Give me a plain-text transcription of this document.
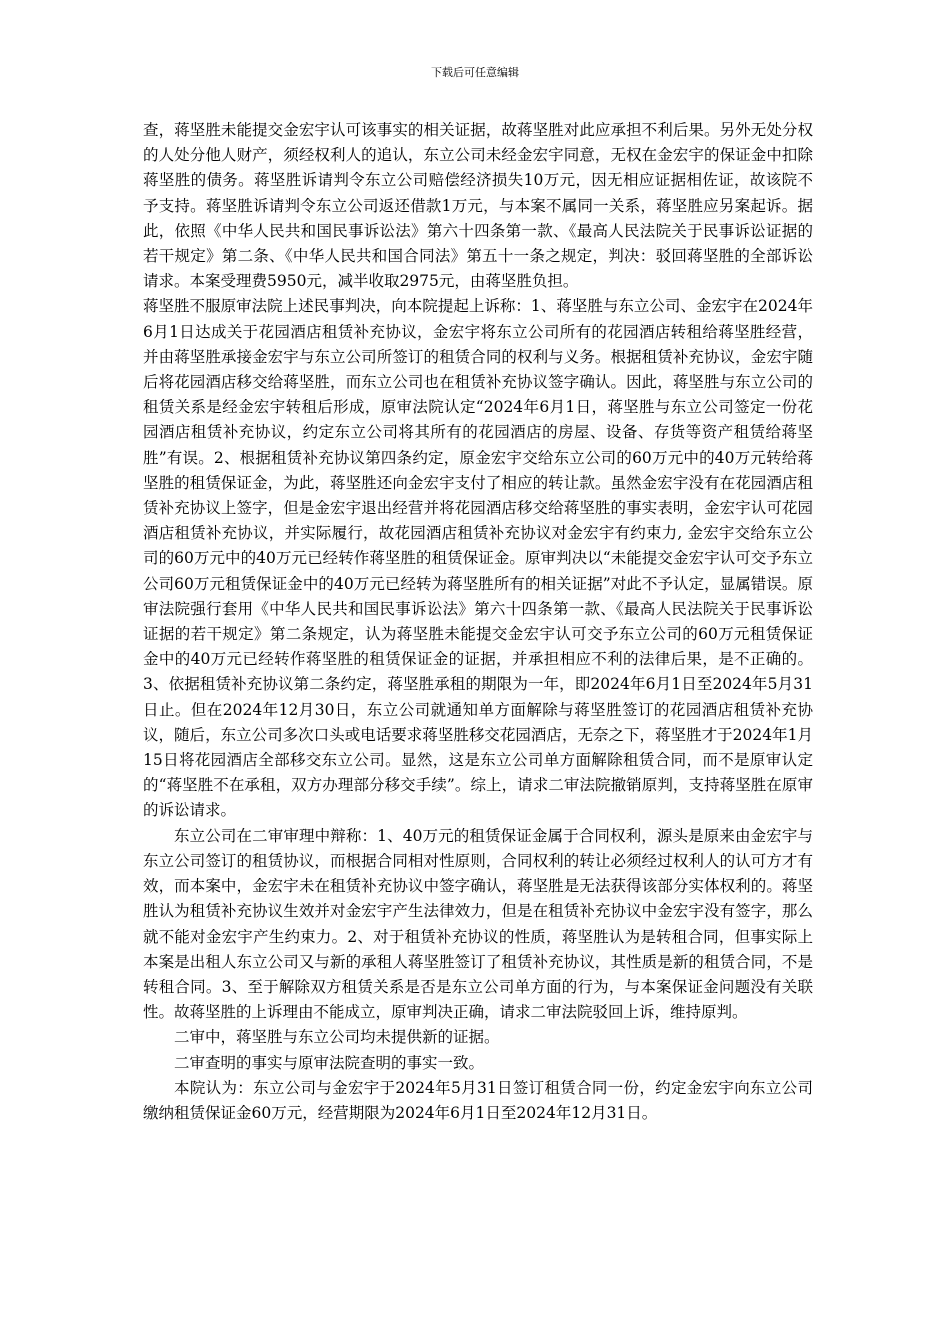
下载后可任意编辑

查，蒋坚胜未能提交金宏宇认可该事实的相关证据，故蒋坚胜对此应承担不利后果。另外无处分权的人处分他人财产，须经权利人的追认，东立公司未经金宏宇同意，无权在金宏宇的保证金中扣除蒋坚胜的债务。蒋坚胜诉请判令东立公司赔偿经济损失10万元，因无相应证据相佐证，故该院不予支持。蒋坚胜诉请判令东立公司返还借款1万元，与本案不属同一关系，蒋坚胜应另案起诉。据此，依照《中华人民共和国民事诉讼法》第六十四条第一款、《最高人民法院关于民事诉讼证据的若干规定》第二条、《中华人民共和国合同法》第五十一条之规定，判决：驳回蒋坚胜的全部诉讼请求。本案受理费5950元，减半收取2975元，由蒋坚胜负担。

蒋坚胜不服原审法院上述民事判决，向本院提起上诉称：1、蒋坚胜与东立公司、金宏宇在2024年6月1日达成关于花园酒店租赁补充协议，金宏宇将东立公司所有的花园酒店转租给蒋坚胜经营，并由蒋坚胜承接金宏宇与东立公司所签订的租赁合同的权利与义务。根据租赁补充协议，金宏宇随后将花园酒店移交给蒋坚胜，而东立公司也在租赁补充协议签字确认。因此，蒋坚胜与东立公司的租赁关系是经金宏宇转租后形成，原审法院认定“2024年6月1日，蒋坚胜与东立公司签定一份花园酒店租赁补充协议，约定东立公司将其所有的花园酒店的房屋、设备、存货等资产租赁给蒋坚胜”有误。2、根据租赁补充协议第四条约定，原金宏宇交给东立公司的60万元中的40万元转给蒋坚胜的租赁保证金，为此，蒋坚胜还向金宏宇支付了相应的转让款。虽然金宏宇没有在花园酒店租赁补充协议上签字，但是金宏宇退出经营并将花园酒店移交给蒋坚胜的事实表明，金宏宇认可花园酒店租赁补充协议，并实际履行，故花园酒店租赁补充协议对金宏宇有约束力, 金宏宇交给东立公司的60万元中的40万元已经转作蒋坚胜的租赁保证金。原审判决以“未能提交金宏宇认可交予东立公司60万元租赁保证金中的40万元已经转为蒋坚胜所有的相关证据”对此不予认定，显属错误。原审法院强行套用《中华人民共和国民事诉讼法》第六十四条第一款、《最高人民法院关于民事诉讼证据的若干规定》第二条规定，认为蒋坚胜未能提交金宏宇认可交予东立公司的60万元租赁保证金中的40万元已经转作蒋坚胜的租赁保证金的证据，并承担相应不利的法律后果，是不正确的。3、依据租赁补充协议第二条约定，蒋坚胜承租的期限为一年，即2024年6月1日至2024年5月31日止。但在2024年12月30日，东立公司就通知单方面解除与蒋坚胜签订的花园酒店租赁补充协议，随后，东立公司多次口头或电话要求蒋坚胜移交花园酒店，无奈之下，蒋坚胜才于2024年1月15日将花园酒店全部移交东立公司。显然，这是东立公司单方面解除租赁合同，而不是原审认定的“蒋坚胜不在承租，双方办理部分移交手续”。综上，请求二审法院撤销原判，支持蒋坚胜在原审的诉讼请求。

东立公司在二审审理中辩称：1、40万元的租赁保证金属于合同权利，源头是原来由金宏宇与东立公司签订的租赁协议，而根据合同相对性原则，合同权利的转让必须经过权利人的认可方才有效，而本案中，金宏宇未在租赁补充协议中签字确认，蒋坚胜是无法获得该部分实体权利的。蒋坚胜认为租赁补充协议生效并对金宏宇产生法律效力，但是在租赁补充协议中金宏宇没有签字，那么就不能对金宏宇产生约束力。2、对于租赁补充协议的性质，蒋坚胜认为是转租合同，但事实际上本案是出租人东立公司又与新的承租人蒋坚胜签订了租赁补充协议，其性质是新的租赁合同，不是转租合同。3、至于解除双方租赁关系是否是东立公司单方面的行为，与本案保证金问题没有关联性。故蒋坚胜的上诉理由不能成立，原审判决正确，请求二审法院驳回上诉，维持原判。

二审中，蒋坚胜与东立公司均未提供新的证据。

二审查明的事实与原审法院查明的事实一致。

本院认为：东立公司与金宏宇于2024年5月31日签订租赁合同一份，约定金宏宇向东立公司缴纳租赁保证金60万元，经营期限为2024年6月1日至2024年12月31日。
